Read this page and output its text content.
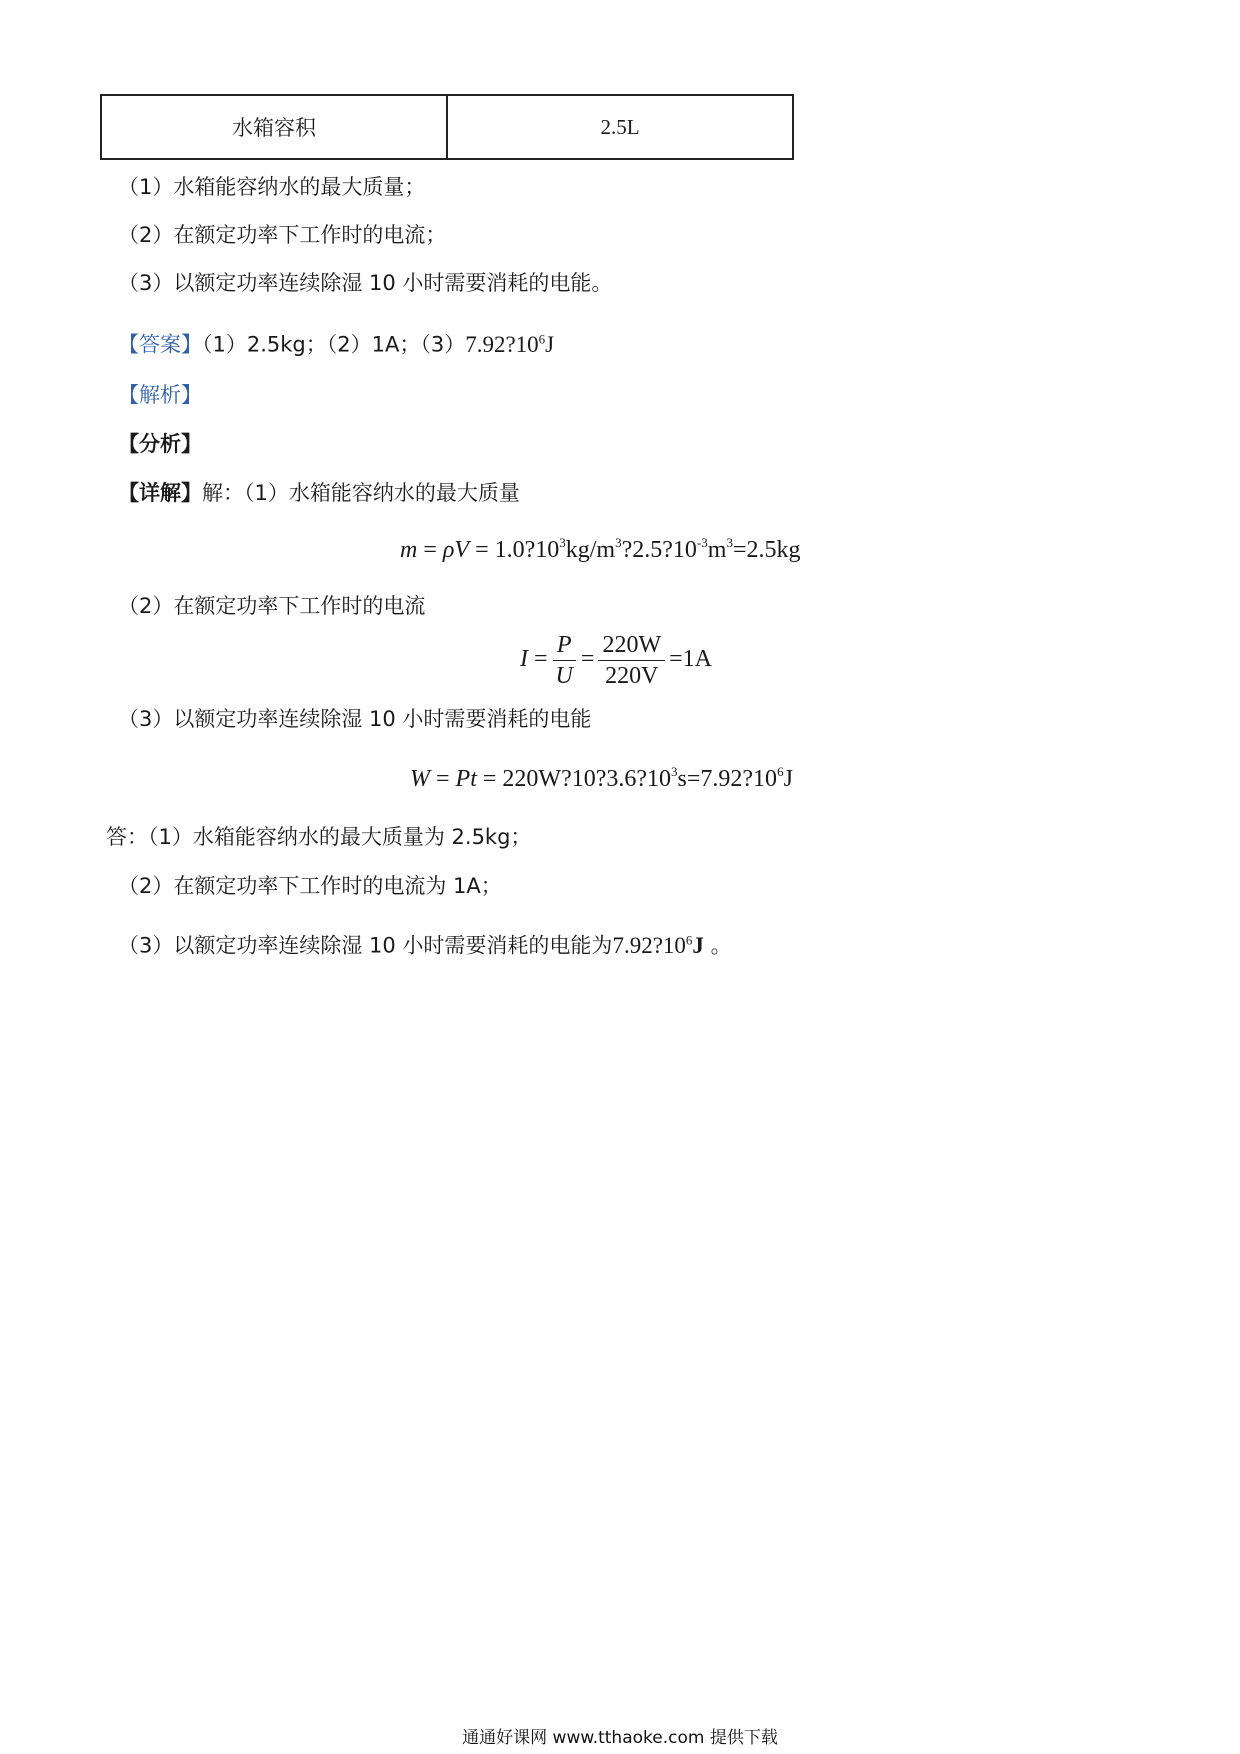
水箱容积	2.5L
（1）水箱能容纳水的最大质量；
（2）在额定功率下工作时的电流；
（3）以额定功率连续除湿 10 小时需要消耗的电能。
【答案】（1）2.5kg；（2）1A；$(3)7.92?10^6J$
【解析】
【分析】
【详解】解：（1）水箱能容纳水的最大质量
$m = \rho V = 1.0?10^3kg/m^3?2.5?10^{-3}m^3=2.5kg$
（2）在额定功率下工作时的电流
$I = \frac{P}{U} = \frac{220W}{220V} =1A$
（3）以额定功率连续除湿 10 小时需要消耗的电能
$W = Pt = 220W?10?3.6?10^3s=7.92?10^6J$
答：（1）水箱能容纳水的最大质量为 2.5kg；
（2）在额定功率下工作时的电流为 1A；
（3）以额定功率连续除湿 10 小时需要消耗的电能为$7.92?10^6J$ 。
通通好课网 www.tthaoke.com 提供下载
